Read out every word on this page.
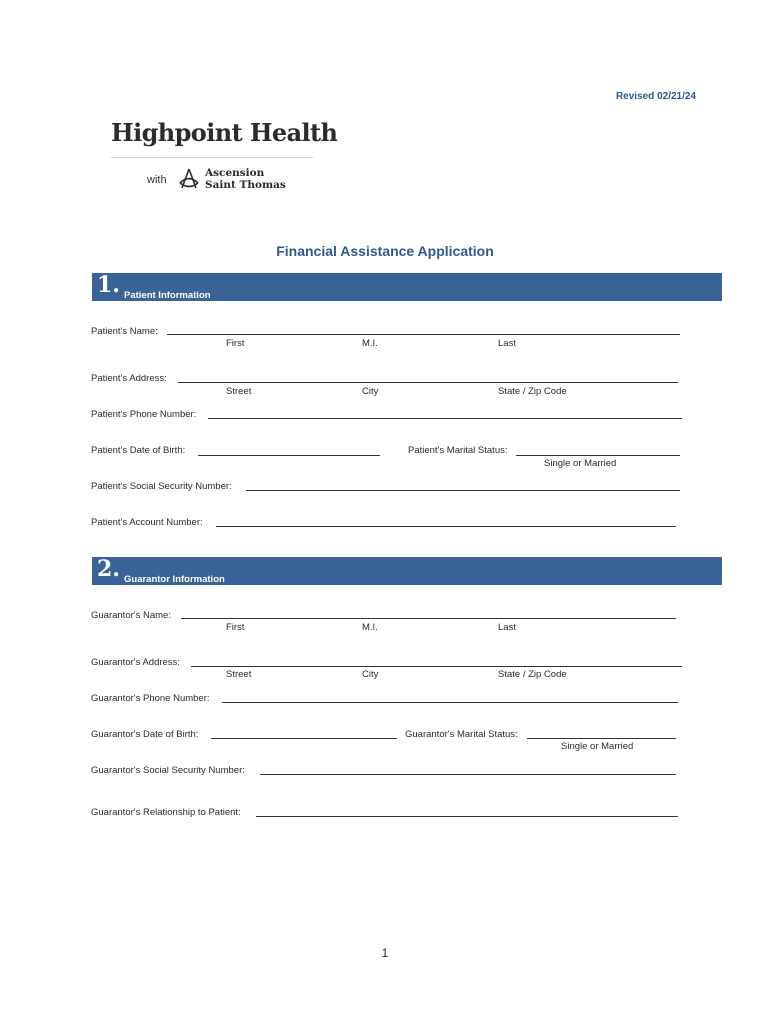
Revised 02/21/24
Highpoint Health
with
Ascension
Saint Thomas
Financial Assistance Application
1. Patient Information
Patient's Name:
First	M.I.	Last
Patient's Address:
Street	City	State / Zip Code
Patient's Phone Number:
Patient's Date of Birth:	Patient's Marital Status:
Single or Married
Patient's Social Security Number:
Patient's Account Number:
2. Guarantor Information
Guarantor's Name:
First	M.I.	Last
Guarantor's Address:
Street	City	State / Zip Code
Guarantor's Phone Number:
Guarantor's Date of Birth:	Guarantor's Marital Status:
Single or Married
Guarantor's Social Security Number:
Guarantor's Relationship to Patient:
1
